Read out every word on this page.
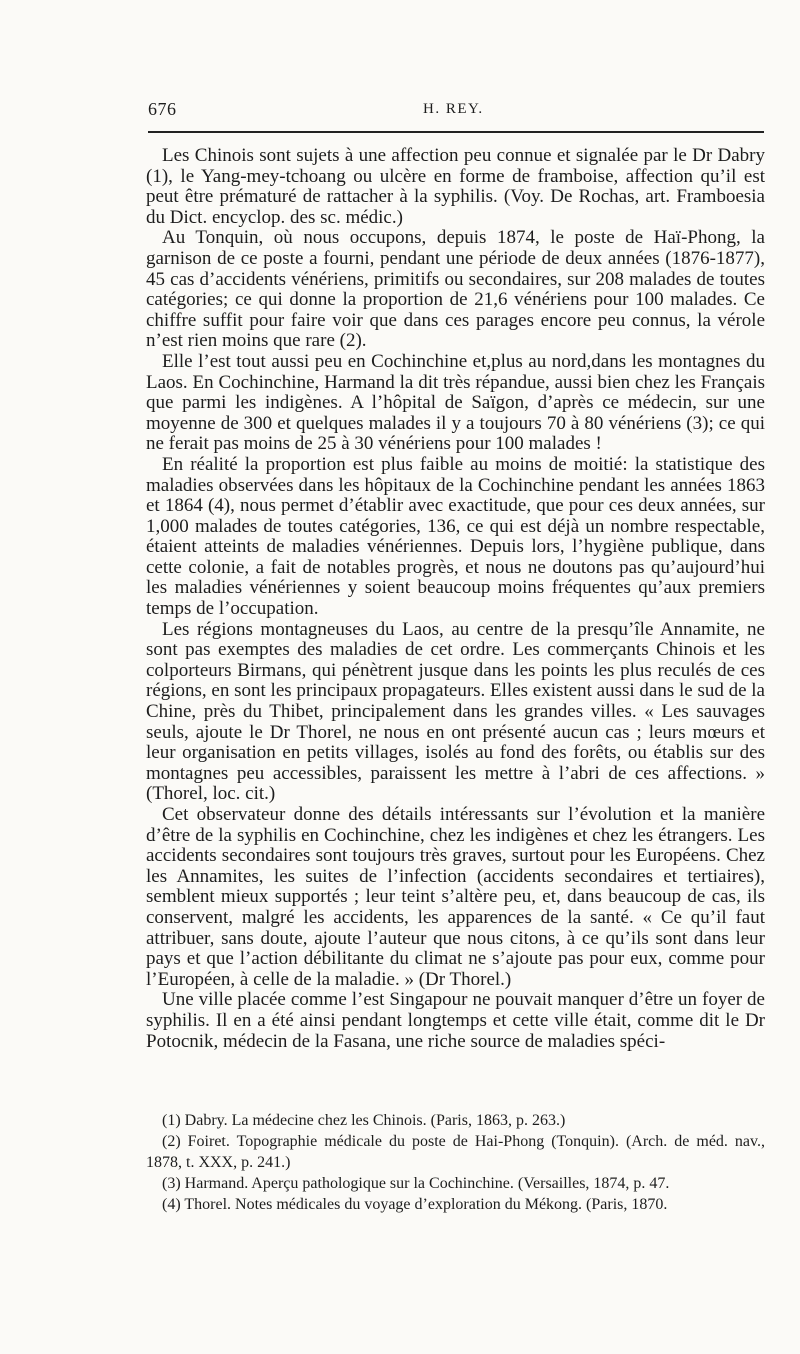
676	H. REY.

Les Chinois sont sujets à une affection peu connue et signalée par le Dr Dabry (1), le Yang-mey-tchoang ou ulcère en forme de framboise, affection qu’il est peut être prématuré de rattacher à la syphilis. (Voy. De Rochas, art. Framboesia du Dict. encyclop. des sc. médic.)

Au Tonquin, où nous occupons, depuis 1874, le poste de Haï-Phong, la garnison de ce poste a fourni, pendant une période de deux années (1876-1877), 45 cas d’accidents vénériens, primitifs ou secondaires, sur 208 malades de toutes catégories; ce qui donne la proportion de 21,6 vénériens pour 100 malades. Ce chiffre suffit pour faire voir que dans ces parages encore peu connus, la vérole n’est rien moins que rare (2).

Elle l’est tout aussi peu en Cochinchine et,plus au nord,dans les montagnes du Laos. En Cochinchine, Harmand la dit très répandue, aussi bien chez les Français que parmi les indigènes. A l’hôpital de Saïgon, d’après ce médecin, sur une moyenne de 300 et quelques malades il y a toujours 70 à 80 vénériens (3); ce qui ne ferait pas moins de 25 à 30 vénériens pour 100 malades !

En réalité la proportion est plus faible au moins de moitié: la statistique des maladies observées dans les hôpitaux de la Cochinchine pendant les années 1863 et 1864 (4), nous permet d’établir avec exactitude, que pour ces deux années, sur 1,000 malades de toutes catégories, 136, ce qui est déjà un nombre respectable, étaient atteints de maladies vénériennes. Depuis lors, l’hygiène publique, dans cette colonie, a fait de notables progrès, et nous ne doutons pas qu’aujourd’hui les maladies vénériennes y soient beaucoup moins fréquentes qu’aux premiers temps de l’occupation.

Les régions montagneuses du Laos, au centre de la presqu’île Annamite, ne sont pas exemptes des maladies de cet ordre. Les commerçants Chinois et les colporteurs Birmans, qui pénètrent jusque dans les points les plus reculés de ces régions, en sont les principaux propagateurs. Elles existent aussi dans le sud de la Chine, près du Thibet, principalement dans les grandes villes. « Les sauvages seuls, ajoute le Dr Thorel, ne nous en ont présenté aucun cas ; leurs mœurs et leur organisation en petits villages, isolés au fond des forêts, ou établis sur des montagnes peu accessibles, paraissent les mettre à l’abri de ces affections. » (Thorel, loc. cit.)

Cet observateur donne des détails intéressants sur l’évolution et la manière d’être de la syphilis en Cochinchine, chez les indigènes et chez les étrangers. Les accidents secondaires sont toujours très graves, surtout pour les Européens. Chez les Annamites, les suites de l’infection (accidents secondaires et tertiaires), semblent mieux supportés ; leur teint s’altère peu, et, dans beaucoup de cas, ils conservent, malgré les accidents, les apparences de la santé. « Ce qu’il faut attribuer, sans doute, ajoute l’auteur que nous citons, à ce qu’ils sont dans leur pays et que l’action débilitante du climat ne s’ajoute pas pour eux, comme pour l’Européen, à celle de la maladie. » (Dr Thorel.)

Une ville placée comme l’est Singapour ne pouvait manquer d’être un foyer de syphilis. Il en a été ainsi pendant longtemps et cette ville était, comme dit le Dr Potocnik, médecin de la Fasana, une riche source de maladies spéci-

(1) Dabry. La médecine chez les Chinois. (Paris, 1863, p. 263.)

(2) Foiret. Topographie médicale du poste de Hai-Phong (Tonquin). (Arch. de méd. nav., 1878, t. XXX, p. 241.)

(3) Harmand. Aperçu pathologique sur la Cochinchine. (Versailles, 1874, p. 47.

(4) Thorel. Notes médicales du voyage d’exploration du Mékong. (Paris, 1870.
